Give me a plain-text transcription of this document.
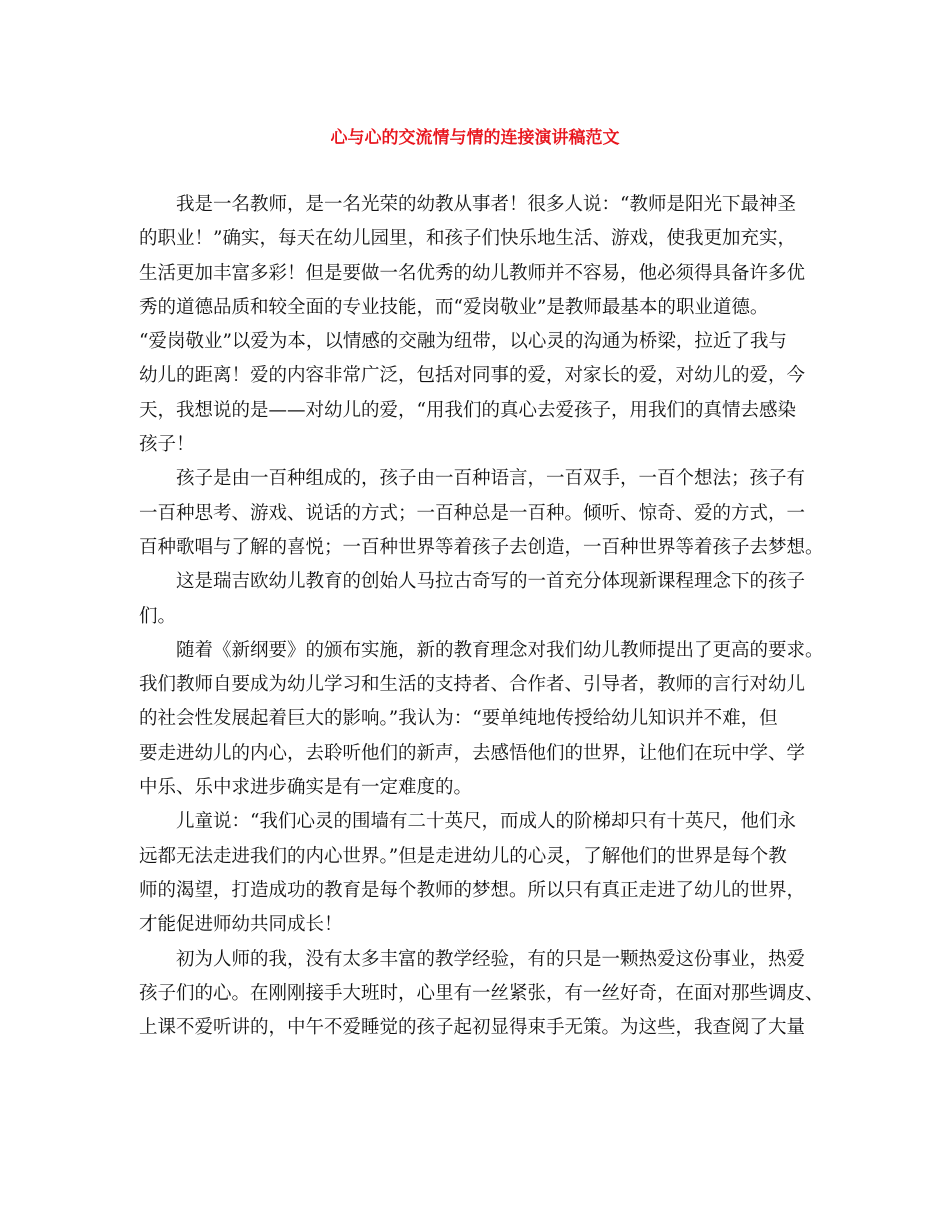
心与心的交流情与情的连接演讲稿范文
我是一名教师，是一名光荣的幼教从事者！很多人说：“教师是阳光下最神圣
的职业！”确实，每天在幼儿园里，和孩子们快乐地生活、游戏，使我更加充实，
生活更加丰富多彩！但是要做一名优秀的幼儿教师并不容易，他必须得具备许多优
秀的道德品质和较全面的专业技能，而“爱岗敬业”是教师最基本的职业道德。
“爱岗敬业”以爱为本，以情感的交融为纽带，以心灵的沟通为桥梁，拉近了我与
幼儿的距离！爱的内容非常广泛，包括对同事的爱，对家长的爱，对幼儿的爱，今
天，我想说的是——对幼儿的爱，“用我们的真心去爱孩子，用我们的真情去感染
孩子！
孩子是由一百种组成的，孩子由一百种语言，一百双手，一百个想法；孩子有
一百种思考、游戏、说话的方式；一百种总是一百种。倾听、惊奇、爱的方式，一
百种歌唱与了解的喜悦；一百种世界等着孩子去创造，一百种世界等着孩子去梦想。
这是瑞吉欧幼儿教育的创始人马拉古奇写的一首充分体现新课程理念下的孩子
们。
随着《新纲要》的颁布实施，新的教育理念对我们幼儿教师提出了更高的要求。
我们教师自要成为幼儿学习和生活的支持者、合作者、引导者，教师的言行对幼儿
的社会性发展起着巨大的影响。”我认为：“要单纯地传授给幼儿知识并不难，但
要走进幼儿的内心，去聆听他们的新声，去感悟他们的世界，让他们在玩中学、学
中乐、乐中求进步确实是有一定难度的。
儿童说：“我们心灵的围墙有二十英尺，而成人的阶梯却只有十英尺，他们永
远都无法走进我们的内心世界。”但是走进幼儿的心灵，了解他们的世界是每个教
师的渴望，打造成功的教育是每个教师的梦想。所以只有真正走进了幼儿的世界，
才能促进师幼共同成长！
初为人师的我，没有太多丰富的教学经验，有的只是一颗热爱这份事业，热爱
孩子们的心。在刚刚接手大班时，心里有一丝紧张，有一丝好奇，在面对那些调皮、
上课不爱听讲的，中午不爱睡觉的孩子起初显得束手无策。为这些，我查阅了大量
